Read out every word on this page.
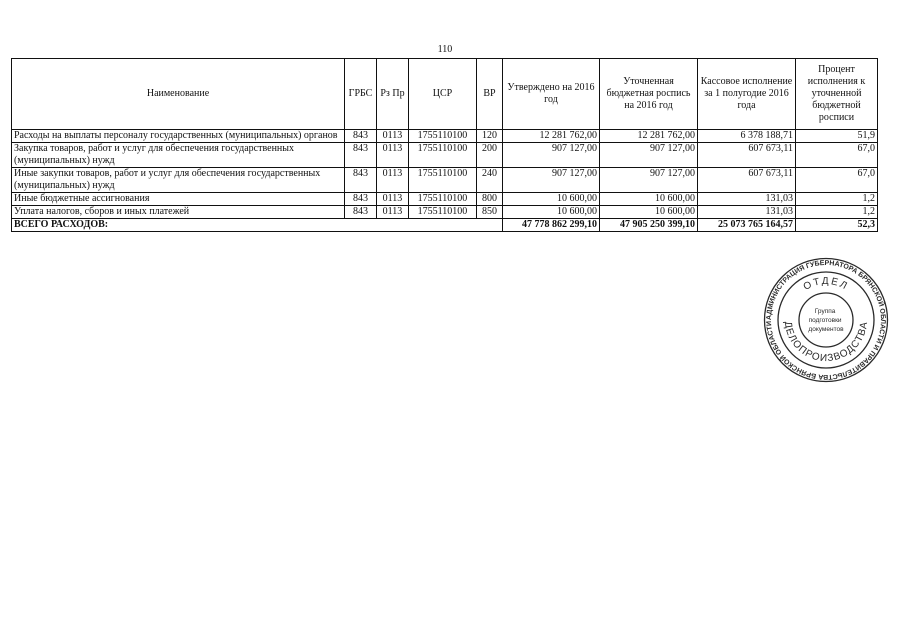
110
Наименование	ГРБС	Рз Пр	ЦСР	ВР	Утверждено на 2016 год	Уточненная бюджетная роспись на 2016 год	Кассовое исполнение за 1 полугодие 2016 года	Процент исполнения к уточненной бюджетной росписи
Расходы на выплаты персоналу государственных (муниципальных) органов	843	0113	1755110100	120	12 281 762,00	12 281 762,00	6 378 188,71	51,9
Закупка товаров, работ и услуг для обеспечения государственных (муниципальных) нужд	843	0113	1755110100	200	907 127,00	907 127,00	607 673,11	67,0
Иные закупки товаров, работ и услуг для обеспечения государственных (муниципальных) нужд	843	0113	1755110100	240	907 127,00	907 127,00	607 673,11	67,0
Иные бюджетные ассигнования	843	0113	1755110100	800	10 600,00	10 600,00	131,03	1,2
Уплата налогов, сборов и иных платежей	843	0113	1755110100	850	10 600,00	10 600,00	131,03	1,2
ВСЕГО РАСХОДОВ:					47 778 862 299,10	47 905 250 399,10	25 073 765 164,57	52,3
АДМИНИСТРАЦИЯ ГУБЕРНАТОРА БРЯНСКОЙ ОБЛАСТИ И ПРАВИТЕЛЬСТВА БРЯНСКОЙ ОБЛАСТИ
ОТДЕЛ
ДЕЛОПРОИЗВОДСТВА
Группа подготовки документов
